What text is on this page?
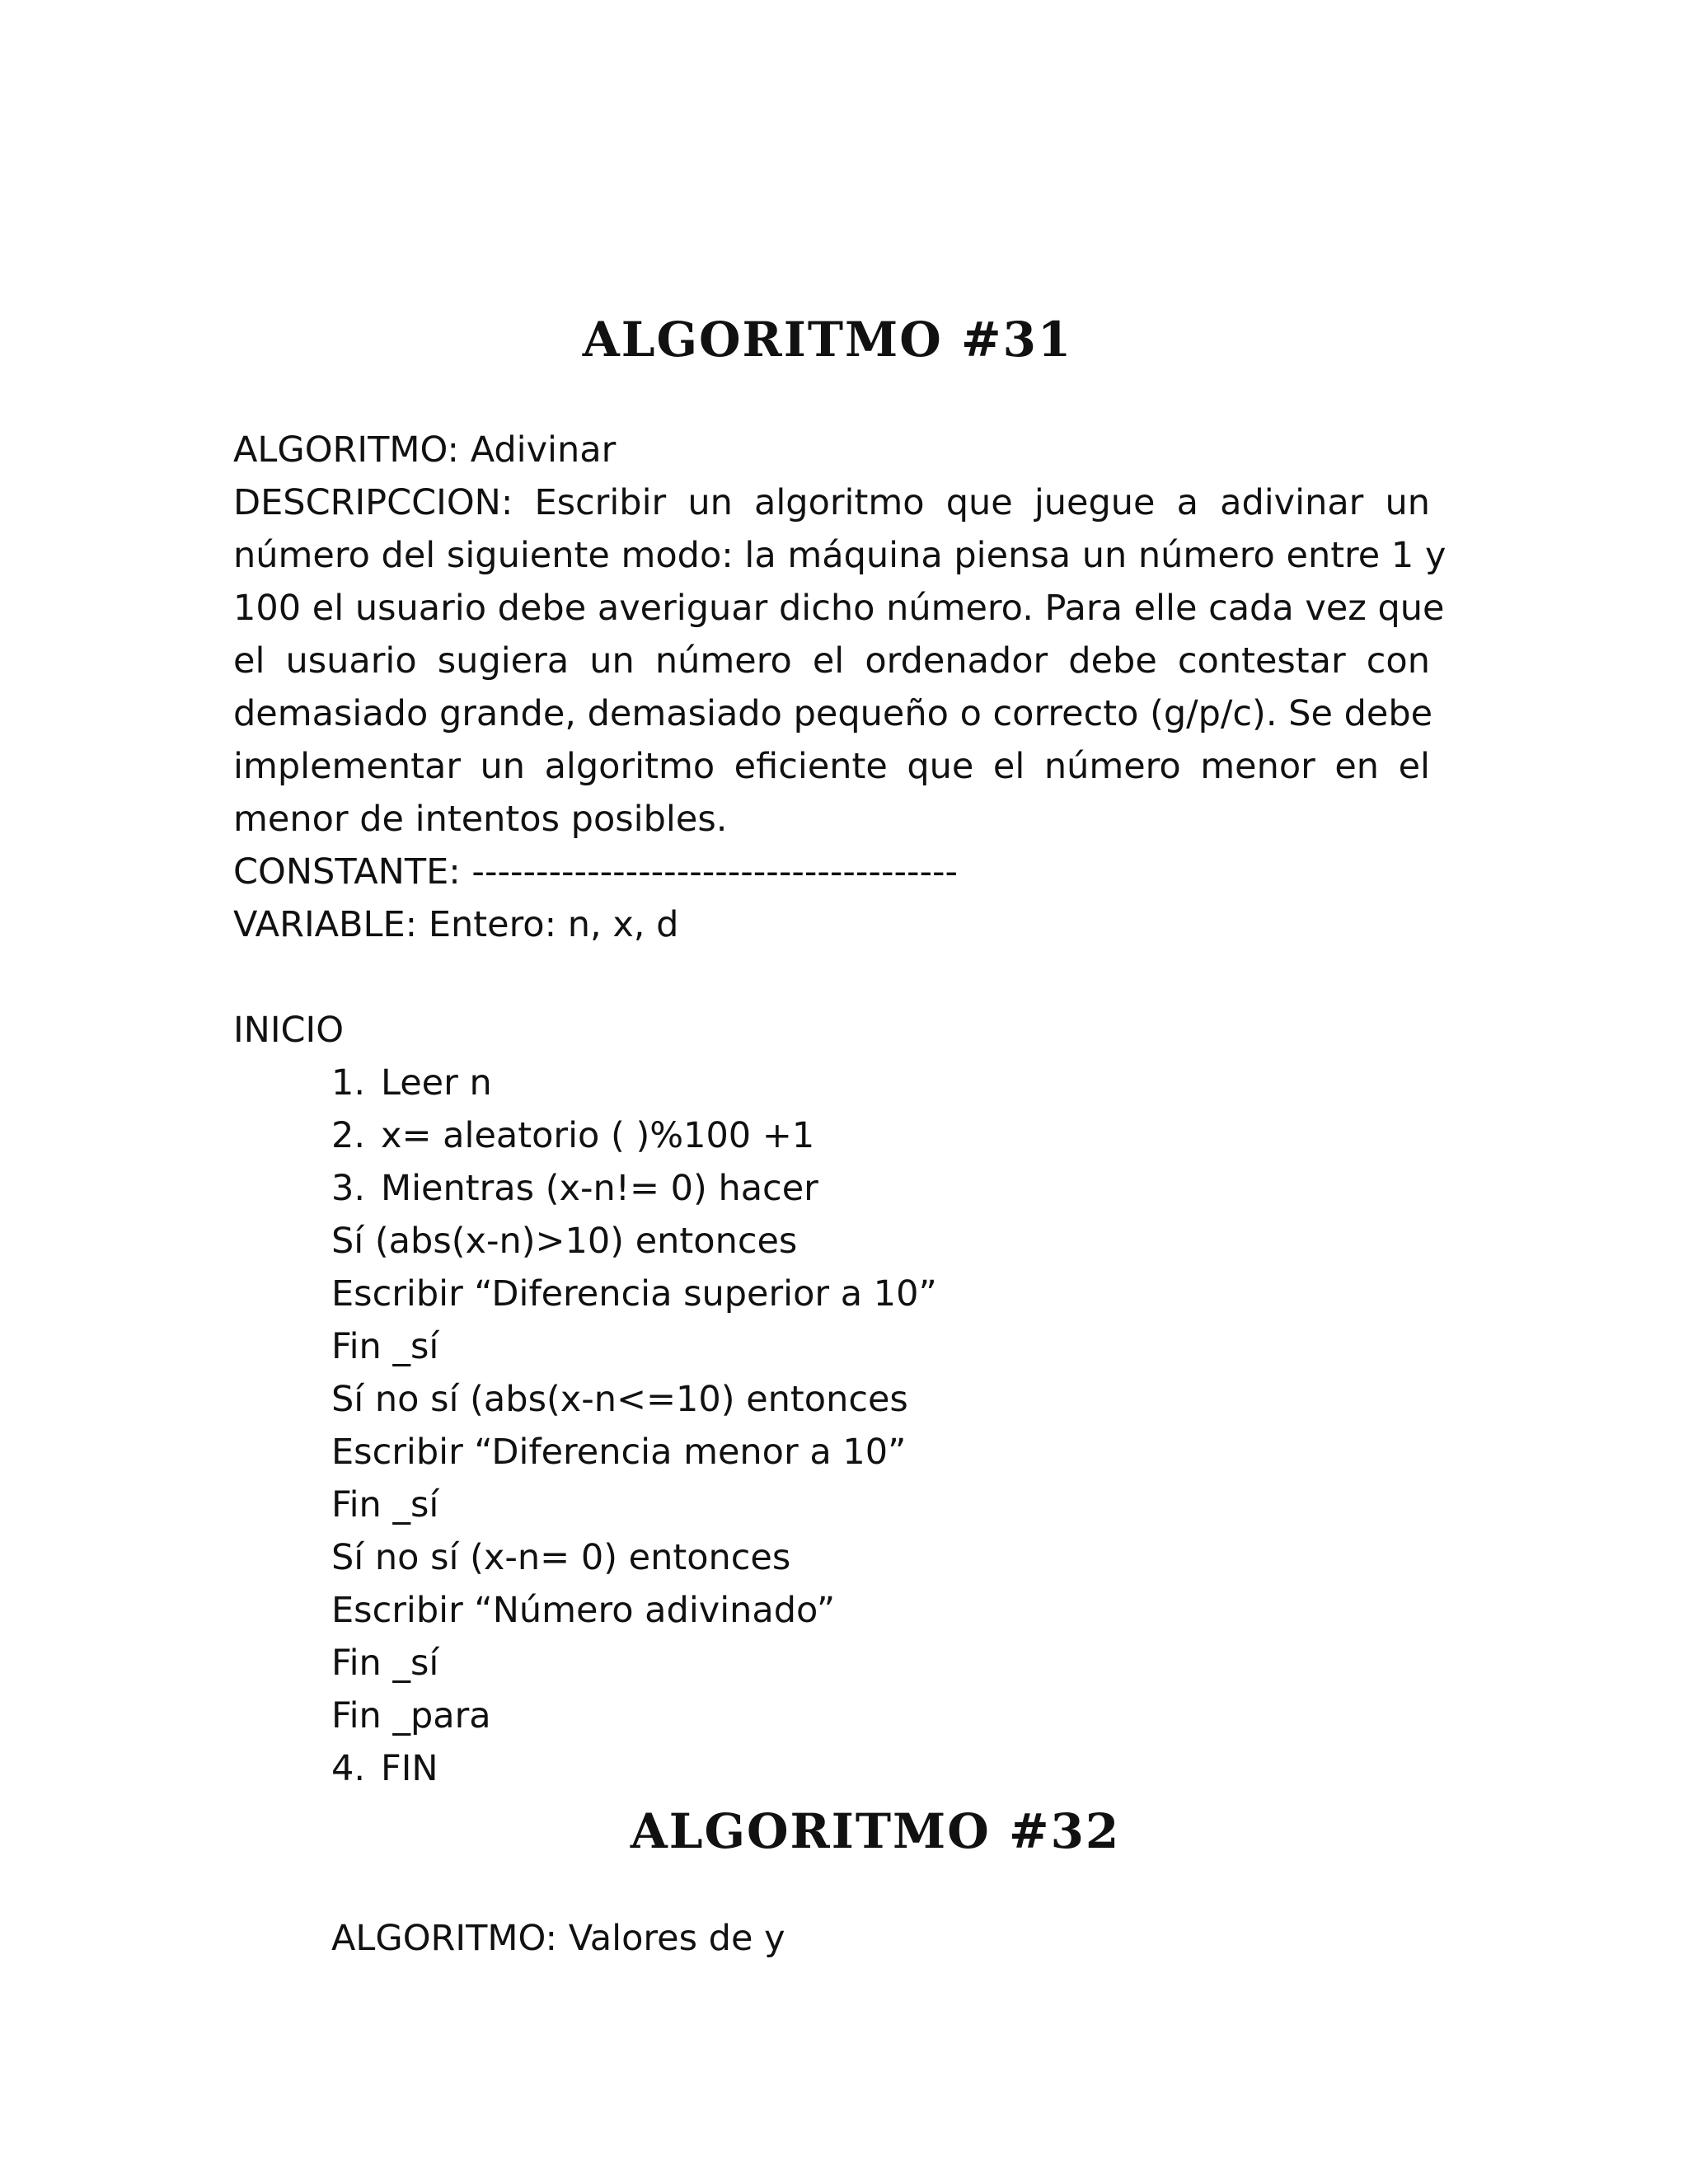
ALGORITMO #31
ALGORITMO: Adivinar
DESCRIPCCION: Escribir un algoritmo que juegue a adivinar un
número del siguiente modo: la máquina piensa un número entre 1 y
100 el usuario debe averiguar dicho número. Para elle cada vez que
el usuario sugiera un número el ordenador debe contestar con
demasiado grande, demasiado pequeño o correcto (g/p/c). Se debe
implementar un algoritmo eficiente que el número menor en el
menor de intentos posibles.
CONSTANTE: --------------------------------------
VARIABLE: Entero: n, x, d
INICIO
1. Leer n
2. x= aleatorio ( )%100 +1
3. Mientras (x-n!= 0) hacer
Sí (abs(x-n)>10) entonces
Escribir “Diferencia superior a 10”
Fin _sí
Sí no sí (abs(x-n<=10) entonces
Escribir “Diferencia menor a 10”
Fin _sí
Sí no sí (x-n= 0) entonces
Escribir “Número adivinado”
Fin _sí
Fin _para
4. FIN
ALGORITMO #32
ALGORITMO: Valores de y
